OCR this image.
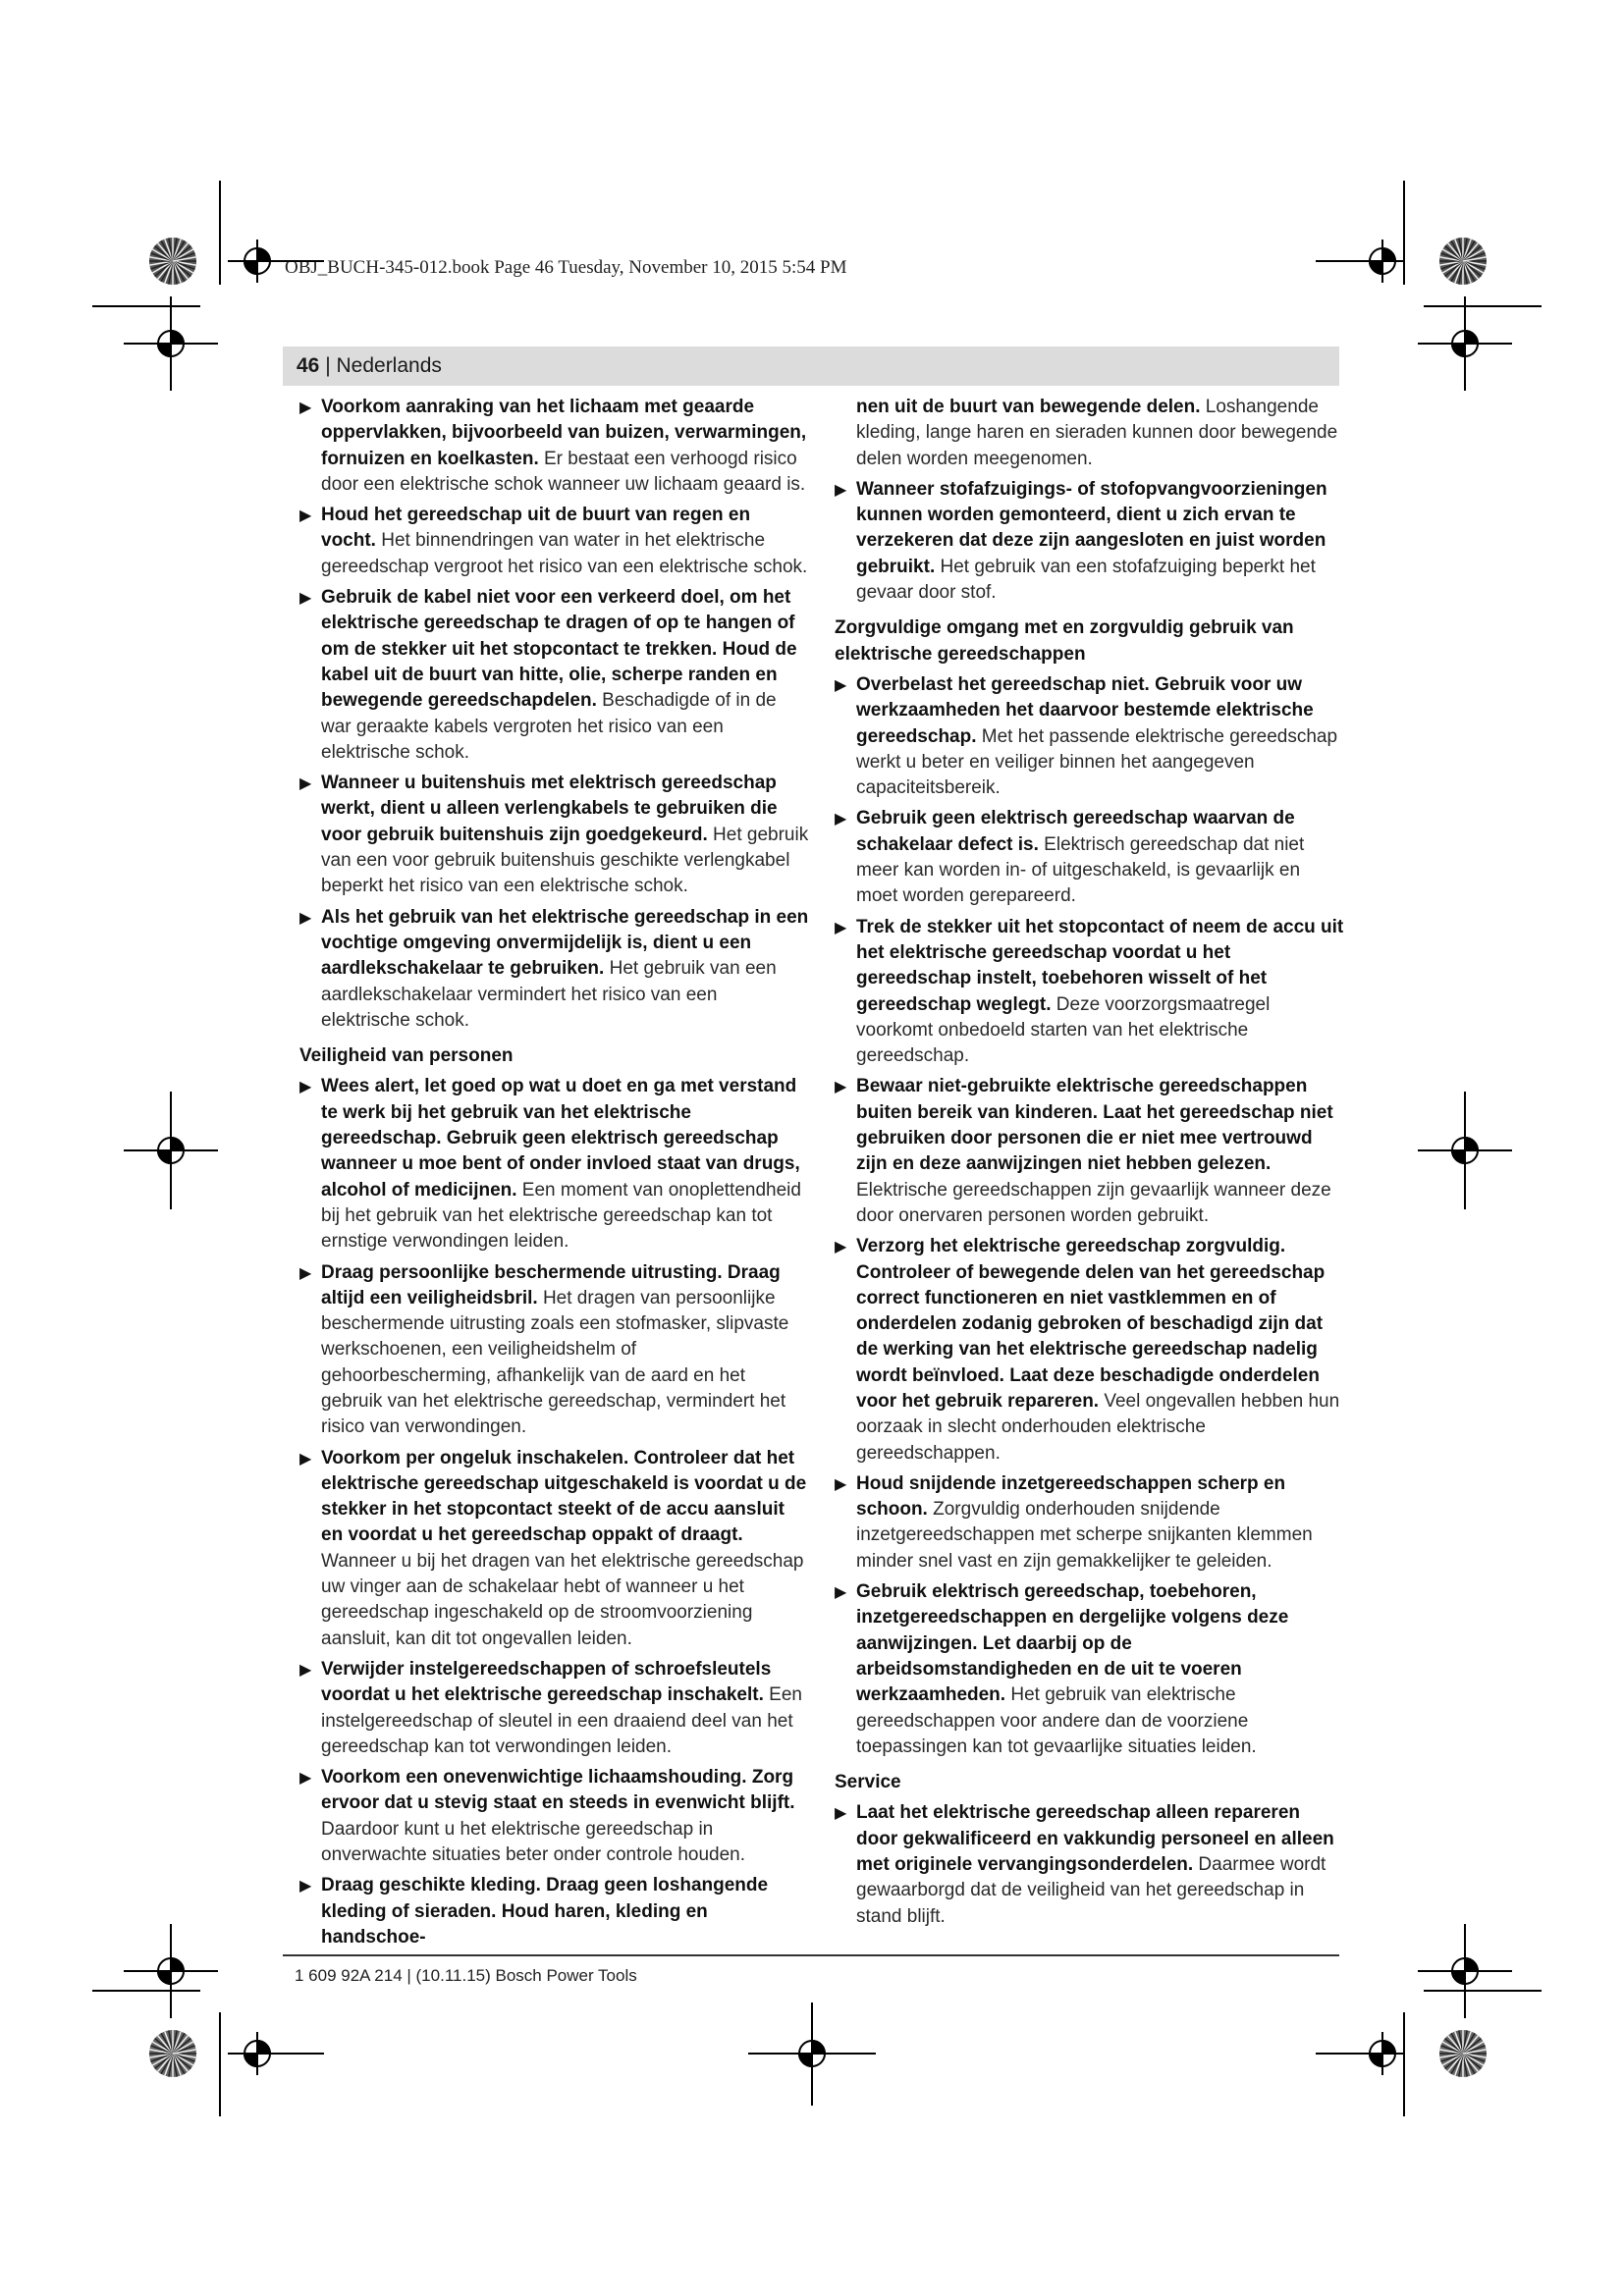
OBJ_BUCH-345-012.book Page 46 Tuesday, November 10, 2015 5:54 PM
46 | Nederlands
▶ Voorkom aanraking van het lichaam met geaarde oppervlakken, bijvoorbeeld van buizen, verwarmingen, fornuizen en koelkasten. Er bestaat een verhoogd risico door een elektrische schok wanneer uw lichaam geaard is.
▶ Houd het gereedschap uit de buurt van regen en vocht. Het binnendringen van water in het elektrische gereedschap vergroot het risico van een elektrische schok.
▶ Gebruik de kabel niet voor een verkeerd doel, om het elektrische gereedschap te dragen of op te hangen of om de stekker uit het stopcontact te trekken. Houd de kabel uit de buurt van hitte, olie, scherpe randen en bewegende gereedschapdelen. Beschadigde of in de war geraakte kabels vergroten het risico van een elektrische schok.
▶ Wanneer u buitenshuis met elektrisch gereedschap werkt, dient u alleen verlengkabels te gebruiken die voor gebruik buitenshuis zijn goedgekeurd. Het gebruik van een voor gebruik buitenshuis geschikte verlengkabel beperkt het risico van een elektrische schok.
▶ Als het gebruik van het elektrische gereedschap in een vochtige omgeving onvermijdelijk is, dient u een aardlekschakelaar te gebruiken. Het gebruik van een aardlekschakelaar vermindert het risico van een elektrische schok.
Veiligheid van personen
▶ Wees alert, let goed op wat u doet en ga met verstand te werk bij het gebruik van het elektrische gereedschap. Gebruik geen elektrisch gereedschap wanneer u moe bent of onder invloed staat van drugs, alcohol of medicijnen. Een moment van onoplettendheid bij het gebruik van het elektrische gereedschap kan tot ernstige verwondingen leiden.
▶ Draag persoonlijke beschermende uitrusting. Draag altijd een veiligheidsbril. Het dragen van persoonlijke beschermende uitrusting zoals een stofmasker, slipvaste werkschoenen, een veiligheidshelm of gehoorbescherming, afhankelijk van de aard en het gebruik van het elektrische gereedschap, vermindert het risico van verwondingen.
▶ Voorkom per ongeluk inschakelen. Controleer dat het elektrische gereedschap uitgeschakeld is voordat u de stekker in het stopcontact steekt of de accu aansluit en voordat u het gereedschap oppakt of draagt. Wanneer u bij het dragen van het elektrische gereedschap uw vinger aan de schakelaar hebt of wanneer u het gereedschap ingeschakeld op de stroomvoorziening aansluit, kan dit tot ongevallen leiden.
▶ Verwijder instelgereedschappen of schroefsleutels voordat u het elektrische gereedschap inschakelt. Een instelgereedschap of sleutel in een draaiend deel van het gereedschap kan tot verwondingen leiden.
▶ Voorkom een onevenwichtige lichaamshouding. Zorg ervoor dat u stevig staat en steeds in evenwicht blijft. Daardoor kunt u het elektrische gereedschap in onverwachte situaties beter onder controle houden.
▶ Draag geschikte kleding. Draag geen loshangende kleding of sieraden. Houd haren, kleding en handschoe-
nen uit de buurt van bewegende delen. Loshangende kleding, lange haren en sieraden kunnen door bewegende delen worden meegenomen.
▶ Wanneer stofafzuigings- of stofopvangvoorzieningen kunnen worden gemonteerd, dient u zich ervan te verzekeren dat deze zijn aangesloten en juist worden gebruikt. Het gebruik van een stofafzuiging beperkt het gevaar door stof.
Zorgvuldige omgang met en zorgvuldig gebruik van elektrische gereedschappen
▶ Overbelast het gereedschap niet. Gebruik voor uw werkzaamheden het daarvoor bestemde elektrische gereedschap. Met het passende elektrische gereedschap werkt u beter en veiliger binnen het aangegeven capaciteitsbereik.
▶ Gebruik geen elektrisch gereedschap waarvan de schakelaar defect is. Elektrisch gereedschap dat niet meer kan worden in- of uitgeschakeld, is gevaarlijk en moet worden gerepareerd.
▶ Trek de stekker uit het stopcontact of neem de accu uit het elektrische gereedschap voordat u het gereedschap instelt, toebehoren wisselt of het gereedschap weglegt. Deze voorzorgsmaatregel voorkomt onbedoeld starten van het elektrische gereedschap.
▶ Bewaar niet-gebruikte elektrische gereedschappen buiten bereik van kinderen. Laat het gereedschap niet gebruiken door personen die er niet mee vertrouwd zijn en deze aanwijzingen niet hebben gelezen. Elektrische gereedschappen zijn gevaarlijk wanneer deze door onervaren personen worden gebruikt.
▶ Verzorg het elektrische gereedschap zorgvuldig. Controleer of bewegende delen van het gereedschap correct functioneren en niet vastklemmen en of onderdelen zodanig gebroken of beschadigd zijn dat de werking van het elektrische gereedschap nadelig wordt beïnvloed. Laat deze beschadigde onderdelen voor het gebruik repareren. Veel ongevallen hebben hun oorzaak in slecht onderhouden elektrische gereedschappen.
▶ Houd snijdende inzetgereedschappen scherp en schoon. Zorgvuldig onderhouden snijdende inzetgereedschappen met scherpe snijkanten klemmen minder snel vast en zijn gemakkelijker te geleiden.
▶ Gebruik elektrisch gereedschap, toebehoren, inzetgereedschappen en dergelijke volgens deze aanwijzingen. Let daarbij op de arbeidsomstandigheden en de uit te voeren werkzaamheden. Het gebruik van elektrische gereedschappen voor andere dan de voorziene toepassingen kan tot gevaarlijke situaties leiden.
Service
▶ Laat het elektrische gereedschap alleen repareren door gekwalificeerd en vakkundig personeel en alleen met originele vervangingsonderdelen. Daarmee wordt gewaarborgd dat de veiligheid van het gereedschap in stand blijft.
1 609 92A 214 | (10.11.15) Bosch Power Tools
